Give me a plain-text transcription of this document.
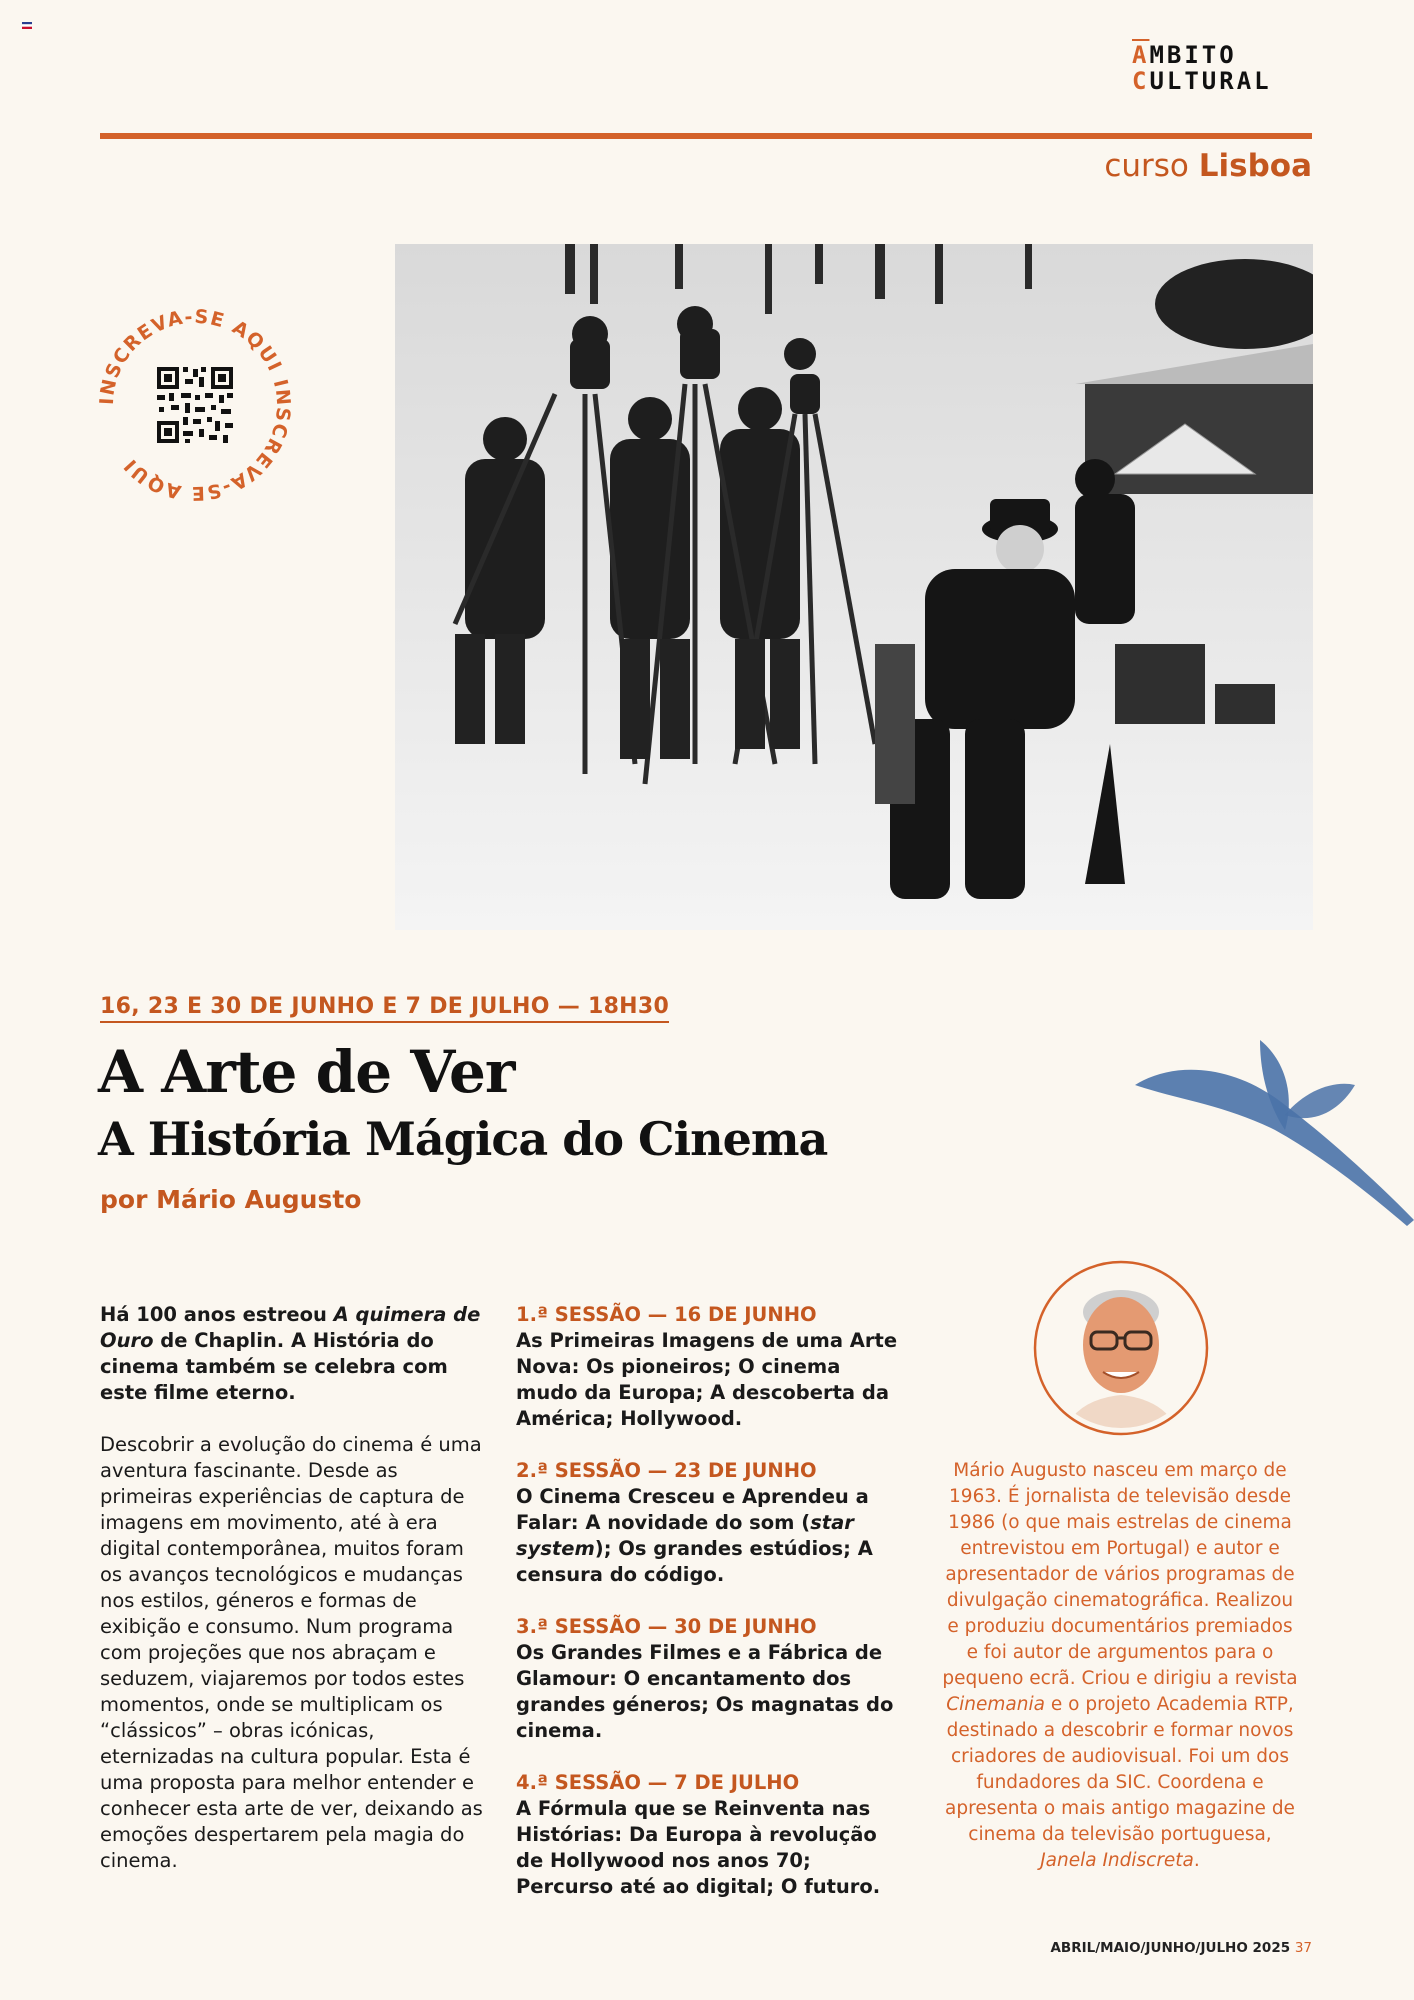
$\overline{A}MBITO$
CULTURAL
curso Lisboa
INSCREVA-SE AQUI INSCREVA-SE AQUI
16, 23 E 30 DE JUNHO E 7 DE JULHO — 18H30
A Arte de Ver
A História Mágica do Cinema
por Mário Augusto
Há 100 anos estreou A quimera de Ouro de Chaplin. A História do cinema também se celebra com este filme eterno.
Descobrir a evolução do cinema é uma aventura fascinante. Desde as primeiras experiências de captura de imagens em movimento, até à era digital contemporânea, muitos foram os avanços tecnológicos e mudanças nos estilos, géneros e formas de exibição e consumo. Num programa com projeções que nos abraçam e seduzem, viajaremos por todos estes momentos, onde se multiplicam os “clássicos” – obras icónicas, eternizadas na cultura popular. Esta é uma proposta para melhor entender e conhecer esta arte de ver, deixando as emoções despertarem pela magia do cinema.
1.ª SESSÃO — 16 DE JUNHO
As Primeiras Imagens de uma Arte Nova: Os pioneiros; O cinema mudo da Europa; A descoberta da América; Hollywood.
2.ª SESSÃO — 23 DE JUNHO
O Cinema Cresceu e Aprendeu a Falar: A novidade do som (star system); Os grandes estúdios; A censura do código.
3.ª SESSÃO — 30 DE JUNHO
Os Grandes Filmes e a Fábrica de Glamour: O encantamento dos grandes géneros; Os magnatas do cinema.
4.ª SESSÃO — 7 DE JULHO
A Fórmula que se Reinventa nas Histórias: Da Europa à revolução de Hollywood nos anos 70; Percurso até ao digital; O futuro.
Mário Augusto nasceu em março de 1963. É jornalista de televisão desde 1986 (o que mais estrelas de cinema entrevistou em Portugal) e autor e apresentador de vários programas de divulgação cinematográfica. Realizou e produziu documentários premiados e foi autor de argumentos para o pequeno ecrã. Criou e dirigiu a revista Cinemania e o projeto Academia RTP, destinado a descobrir e formar novos criadores de audiovisual. Foi um dos fundadores da SIC. Coordena e apresenta o mais antigo magazine de cinema da televisão portuguesa, Janela Indiscreta.
ABRIL/MAIO/JUNHO/JULHO 2025 37
